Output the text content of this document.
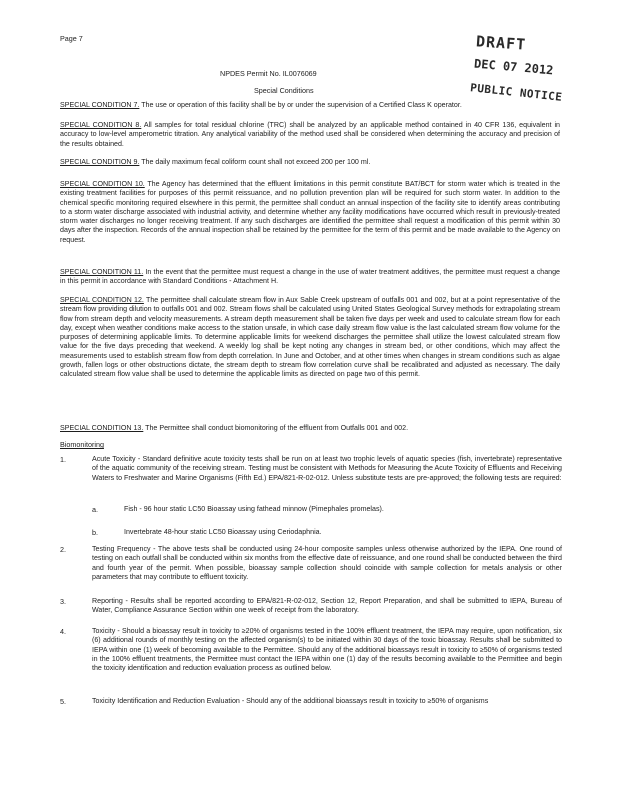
Page 7	DRAFT
DEC 07 2012
PUBLIC NOTICE
NPDES Permit No. IL0076069
Special Conditions
SPECIAL CONDITION 7. The use or operation of this facility shall be by or under the supervision of a Certified Class K operator.
SPECIAL CONDITION 8. All samples for total residual chlorine (TRC) shall be analyzed by an applicable method contained in 40 CFR 136, equivalent in accuracy to low-level amperometric titration. Any analytical variability of the method used shall be considered when determining the accuracy and precision of the results obtained.
SPECIAL CONDITION 9. The daily maximum fecal coliform count shall not exceed 200 per 100 ml.
SPECIAL CONDITION 10. The Agency has determined that the effluent limitations in this permit constitute BAT/BCT for storm water which is treated in the existing treatment facilities for purposes of this permit reissuance, and no pollution prevention plan will be required for such storm water. In addition to the chemical specific monitoring required elsewhere in this permit, the permittee shall conduct an annual inspection of the facility site to identify areas contributing to a storm water discharge associated with industrial activity, and determine whether any facility modifications have occurred which result in previously-treated storm water discharges no longer receiving treatment. If any such discharges are identified the permittee shall request a modification of this permit within 30 days after the inspection. Records of the annual inspection shall be retained by the permittee for the term of this permit and be made available to the Agency on request.
SPECIAL CONDITION 11. In the event that the permittee must request a change in the use of water treatment additives, the permittee must request a change in this permit in accordance with Standard Conditions - Attachment H.
SPECIAL CONDITION 12. The permittee shall calculate stream flow in Aux Sable Creek upstream of outfalls 001 and 002, but at a point representative of the stream flow providing dilution to outfalls 001 and 002. Stream flows shall be calculated using United States Geological Survey methods for extrapolating stream flow from stream depth and velocity measurements. A stream depth measurement shall be taken five days per week and used to calculate stream flow for each day, except when weather conditions make access to the station unsafe, in which case daily stream flow value is the last calculated stream flow volume for the purposes of determining applicable limits. To determine applicable limits for weekend discharges the permittee shall utilize the lowest calculated stream flow value for the five days preceding that weekend. A weekly log shall be kept noting any changes in stream bed, or other conditions, which may affect the measurements used to establish stream flow from depth correlation. In June and October, and at other times when changes in stream conditions such as algae growth, fallen logs or other obstructions dictate, the stream depth to stream flow correlation curve shall be recalibrated and adjusted as necessary. The daily calculated stream flow value shall be used to determine the applicable limits as directed on page two of this permit.
SPECIAL CONDITION 13. The Permittee shall conduct biomonitoring of the effluent from Outfalls 001 and 002.
Biomonitoring
1.	Acute Toxicity - Standard definitive acute toxicity tests shall be run on at least two trophic levels of aquatic species (fish, invertebrate) representative of the aquatic community of the receiving stream. Testing must be consistent with Methods for Measuring the Acute Toxicity of Effluents and Receiving Waters to Freshwater and Marine Organisms (Fifth Ed.) EPA/821-R-02-012. Unless substitute tests are pre-approved; the following tests are required:
a.	Fish - 96 hour static LC50 Bioassay using fathead minnow (Pimephales promelas).
b.	Invertebrate 48-hour static LC50 Bioassay using Ceriodaphnia.
2.	Testing Frequency - The above tests shall be conducted using 24-hour composite samples unless otherwise authorized by the IEPA. One round of testing on each outfall shall be conducted within six months from the effective date of reissuance, and one round shall be conducted between the third and fourth year of the permit. When possible, bioassay sample collection should coincide with sample collection for metals analysis or other parameters that may contribute to effluent toxicity.
3.	Reporting - Results shall be reported according to EPA/821-R-02-012, Section 12, Report Preparation, and shall be submitted to IEPA, Bureau of Water, Compliance Assurance Section within one week of receipt from the laboratory.
4.	Toxicity - Should a bioassay result in toxicity to ≥20% of organisms tested in the 100% effluent treatment, the IEPA may require, upon notification, six (6) additional rounds of monthly testing on the affected organism(s) to be initiated within 30 days of the toxic bioassay. Results shall be submitted to IEPA within one (1) week of becoming available to the Permittee. Should any of the additional bioassays result in toxicity to ≥50% of organisms tested in the 100% effluent treatments, the Permittee must contact the IEPA within one (1) day of the results becoming available to the Permittee and begin the toxicity identification and reduction evaluation process as outlined below.
5.	Toxicity Identification and Reduction Evaluation - Should any of the additional bioassays result in toxicity to ≥50% of organisms
